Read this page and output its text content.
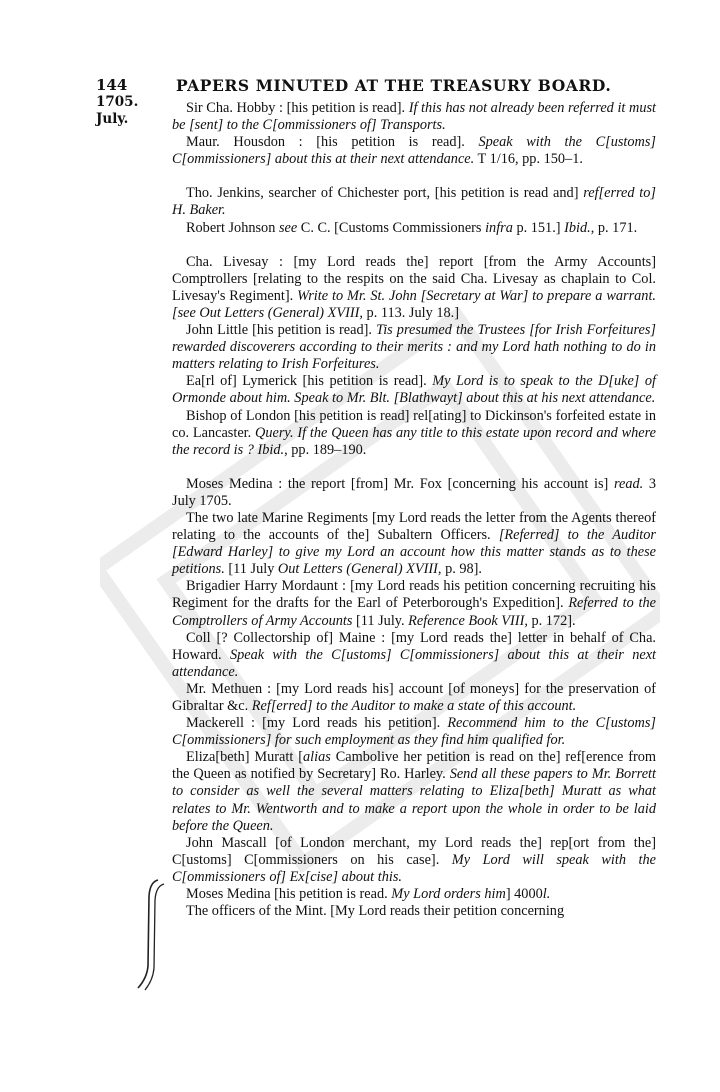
144	PAPERS MINUTED AT THE TREASURY BOARD.
1705.
July.

Sir Cha. Hobby : [his petition is read]. If this has not already been referred it must be [sent] to the C[ommissioners of] Transports.

Maur. Housdon : [his petition is read]. Speak with the C[ustoms] C[ommissioners] about this at their next attendance. T 1/16, pp. 150–1.

Tho. Jenkins, searcher of Chichester port, [his petition is read and] ref[erred to] H. Baker.

Robert Johnson see C. C. [Customs Commissioners infra p. 151.] Ibid., p. 171.

Cha. Livesay : [my Lord reads the] report [from the Army Accounts] Comptrollers [relating to the respits on the said Cha. Livesay as chaplain to Col. Livesay's Regiment]. Write to Mr. St. John [Secretary at War] to prepare a warrant. [see Out Letters (General) XVIII, p. 113. July 18.]

John Little [his petition is read]. Tis presumed the Trustees [for Irish Forfeitures] rewarded discoverers according to their merits : and my Lord hath nothing to do in matters relating to Irish Forfeitures.

Ea[rl of] Lymerick [his petition is read]. My Lord is to speak to the D[uke] of Ormonde about him. Speak to Mr. Blt. [Blathwayt] about this at his next attendance.

Bishop of London [his petition is read] rel[ating] to Dickinson's forfeited estate in co. Lancaster. Query. If the Queen has any title to this estate upon record and where the record is ? Ibid., pp. 189–190.

Moses Medina : the report [from] Mr. Fox [concerning his account is] read. 3 July 1705.

The two late Marine Regiments [my Lord reads the letter from the Agents thereof relating to the accounts of the] Subaltern Officers. [Referred] to the Auditor [Edward Harley] to give my Lord an account how this matter stands as to these petitions. [11 July Out Letters (General) XVIII, p. 98].

Brigadier Harry Mordaunt : [my Lord reads his petition concerning recruiting his Regiment for the drafts for the Earl of Peterborough's Expedition]. Referred to the Comptrollers of Army Accounts [11 July. Reference Book VIII, p. 172].

Coll [? Collectorship of] Maine : [my Lord reads the] letter in behalf of Cha. Howard. Speak with the C[ustoms] C[ommissioners] about this at their next attendance.

Mr. Methuen : [my Lord reads his] account [of moneys] for the preservation of Gibraltar &c. Ref[erred] to the Auditor to make a state of this account.

Mackerell : [my Lord reads his petition]. Recommend him to the C[ustoms] C[ommissioners] for such employment as they find him qualified for.

Eliza[beth] Muratt [alias Cambolive her petition is read on the] ref[erence from the Queen as notified by Secretary] Ro. Harley. Send all these papers to Mr. Borrett to consider as well the several matters relating to Eliza[beth] Muratt as what relates to Mr. Wentworth and to make a report upon the whole in order to be laid before the Queen.

John Mascall [of London merchant, my Lord reads the] rep[ort from the] C[ustoms] C[ommissioners on his case]. My Lord will speak with the C[ommissioners of] Ex[cise] about this.

Moses Medina [his petition is read. My Lord orders him] 4000l.

The officers of the Mint. [My Lord reads their petition concerning
